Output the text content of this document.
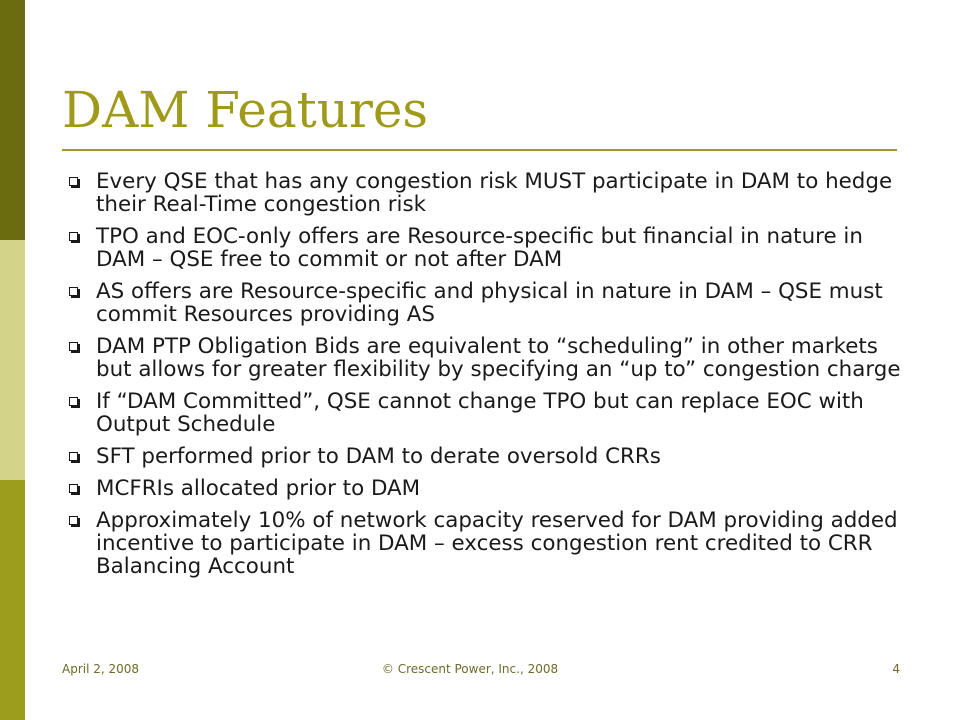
DAM Features
Every QSE that has any congestion risk MUST participate in DAM to hedge their Real-Time congestion risk
TPO and EOC-only offers are Resource-specific but financial in nature in DAM – QSE free to commit or not after DAM
AS offers are Resource-specific and physical in nature in DAM – QSE must commit Resources providing AS
DAM PTP Obligation Bids are equivalent to “scheduling” in other markets but allows for greater flexibility by specifying an “up to” congestion charge
If “DAM Committed”, QSE cannot change TPO but can replace EOC with Output Schedule
SFT performed prior to DAM to derate oversold CRRs
MCFRIs allocated prior to DAM
Approximately 10% of network capacity reserved for DAM providing added incentive to participate in DAM – excess congestion rent credited to CRR Balancing Account
April 2, 2008	© Crescent Power, Inc., 2008	4
